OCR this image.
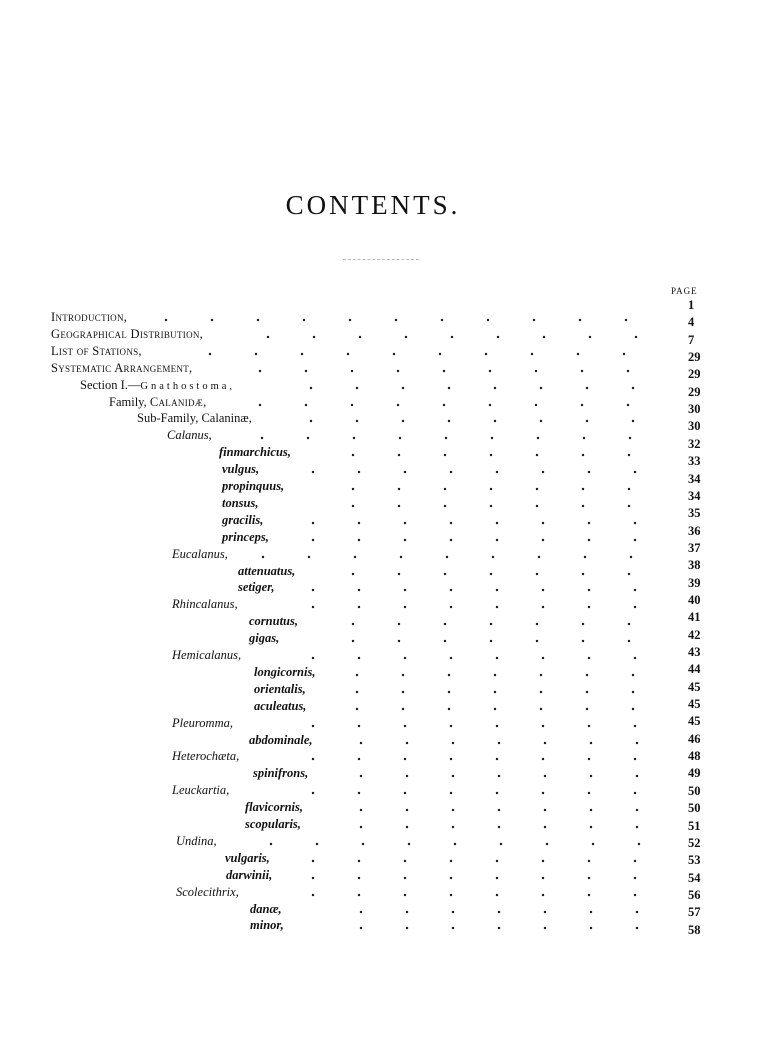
CONTENTS.
PAGE
Introduction,
Geographical Distribution,
List of Stations,
Systematic Arrangement,
Section I.—Gnathostoma,
Family, Calanidæ,
Sub-Family, Calaninæ,
Calanus,
finmarchicus,
vulgus,
propinquus,
tonsus,
gracilis,
princeps,
Eucalanus,
attenuatus,
setiger,
Rhincalanus,
cornutus,
gigas,
Hemicalanus,
longicornis,
orientalis,
aculeatus,
Pleuromma,
abdominale,
Heterochæta,
spinifrons,
Leuckartia,
flavicornis,
scopularis,
Undina,
vulgaris,
darwinii,
Scolecithrix,
danæ,
minor,
1
4
7
29
29
29
30
30
32
33
34
34
35
36
37
38
39
40
41
42
43
44
45
45
45
46
48
49
50
50
51
52
53
54
56
57
58
